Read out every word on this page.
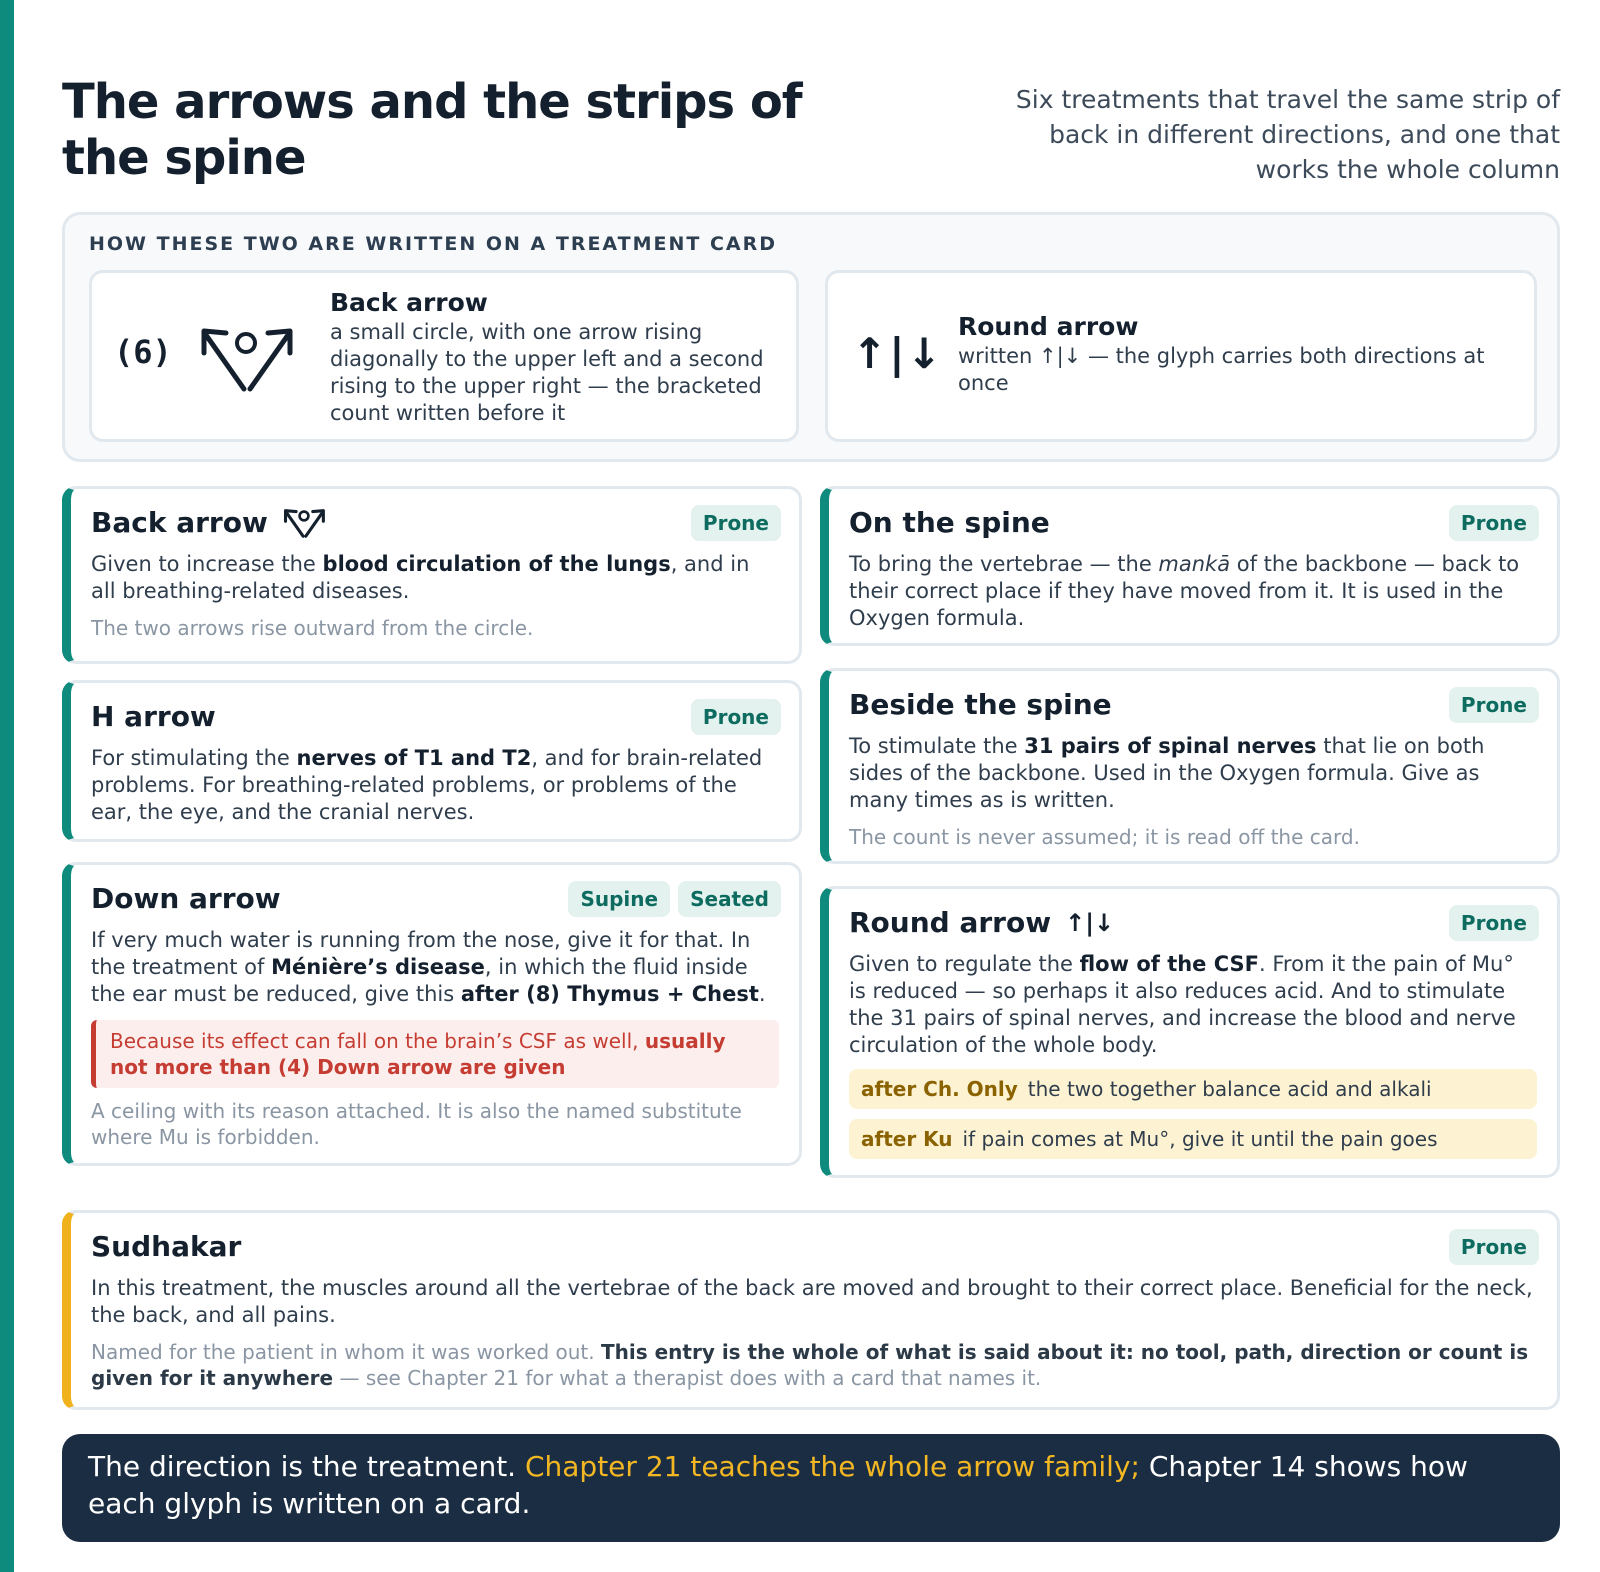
The arrows and the strips of the spine

Six treatments that travel the same strip of back in different directions, and one that works the whole column

HOW THESE TWO ARE WRITTEN ON A TREATMENT CARD
(6)
Back arrow
a small circle, with one arrow rising diagonally to the upper left and a second rising to the upper right — the bracketed count written before it
↑|↓
Round arrow
written ↑|↓ — the glyph carries both directions at once
Back arrow	Prone
Given to increase the blood circulation of the lungs, and in all breathing-related diseases.
The two arrows rise outward from the circle.
H arrow	Prone
For stimulating the nerves of T1 and T2, and for brain-related problems. For breathing-related problems, or problems of the ear, the eye, and the cranial nerves.
Down arrow	Supine	Seated
If very much water is running from the nose, give it for that. In the treatment of Ménière’s disease, in which the fluid inside the ear must be reduced, give this after (8) Thymus + Chest.
Because its effect can fall on the brain’s CSF as well, usually not more than (4) Down arrow are given
A ceiling with its reason attached. It is also the named substitute where Mu is forbidden.
On the spine	Prone
To bring the vertebrae — the mankā of the backbone — back to their correct place if they have moved from it. It is used in the Oxygen formula.
Beside the spine	Prone
To stimulate the 31 pairs of spinal nerves that lie on both sides of the backbone. Used in the Oxygen formula. Give as many times as is written.
The count is never assumed; it is read off the card.
Round arrow ↑|↓	Prone
Given to regulate the flow of the CSF. From it the pain of Mu° is reduced — so perhaps it also reduces acid. And to stimulate the 31 pairs of spinal nerves, and increase the blood and nerve circulation of the whole body.
after Ch. Only the two together balance acid and alkali
after Ku if pain comes at Mu°, give it until the pain goes
Sudhakar	Prone
In this treatment, the muscles around all the vertebrae of the back are moved and brought to their correct place. Beneficial for the neck, the back, and all pains.
Named for the patient in whom it was worked out. This entry is the whole of what is said about it: no tool, path, direction or count is given for it anywhere — see Chapter 21 for what a therapist does with a card that names it.
The direction is the treatment. Chapter 21 teaches the whole arrow family; Chapter 14 shows how each glyph is written on a card.
